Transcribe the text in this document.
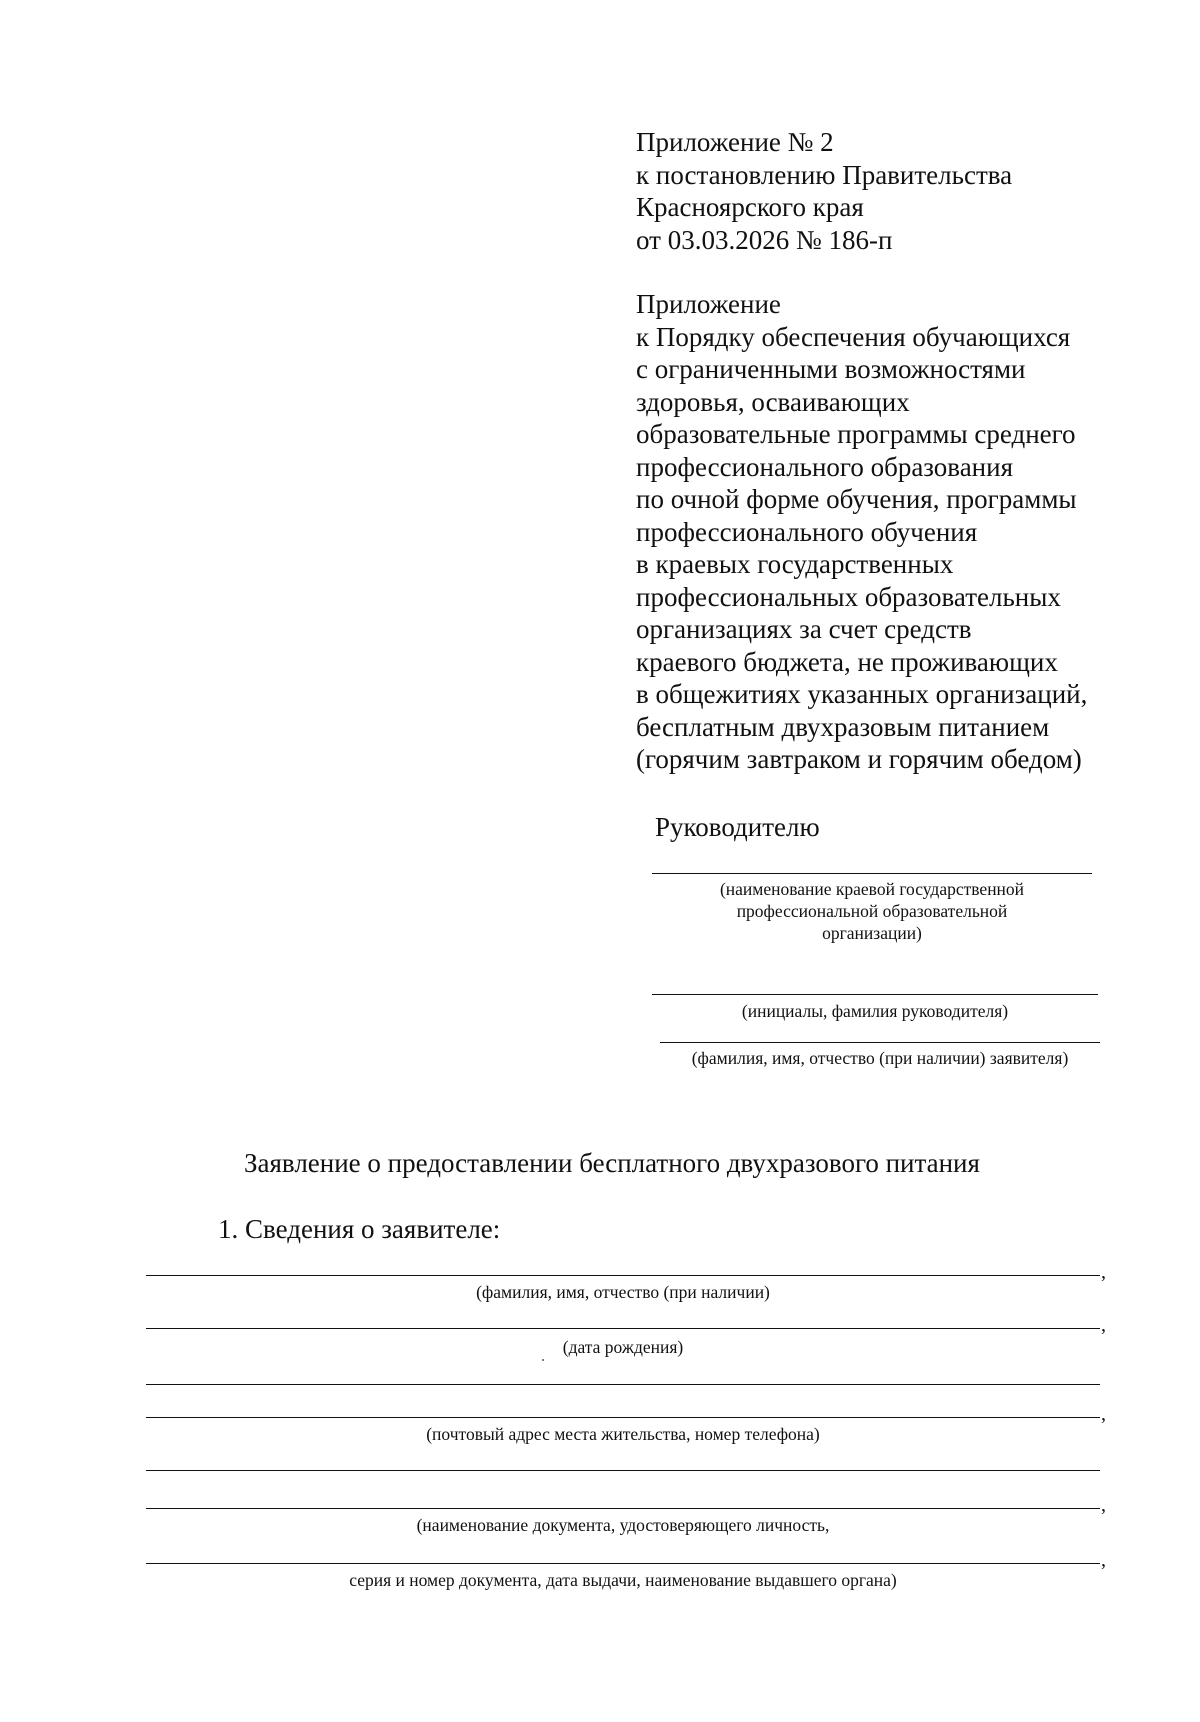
Приложение № 2
к постановлению Правительства
Красноярского края
от 03.03.2026 № 186-п
Приложение
к Порядку обеспечения обучающихся
с ограниченными возможностями
здоровья, осваивающих
образовательные программы среднего
профессионального образования
по очной форме обучения, программы
профессионального обучения
в краевых государственных
профессиональных образовательных
организациях за счет средств
краевого бюджета, не проживающих
в общежитиях указанных организаций,
бесплатным двухразовым питанием
(горячим завтраком и горячим обедом)
Руководителю
(наименование краевой государственной
профессиональной образовательной
организации)
(инициалы, фамилия руководителя)
(фамилия, имя, отчество (при наличии) заявителя)
Заявление о предоставлении бесплатного двухразового питания
1. Сведения о заявителе:
,
(фамилия, имя, отчество (при наличии)
,
(дата рождения)
,
(почтовый адрес места жительства, номер телефона)
,
(наименование документа, удостоверяющего личность,
,
серия и номер документа, дата выдачи, наименование выдавшего органа)
